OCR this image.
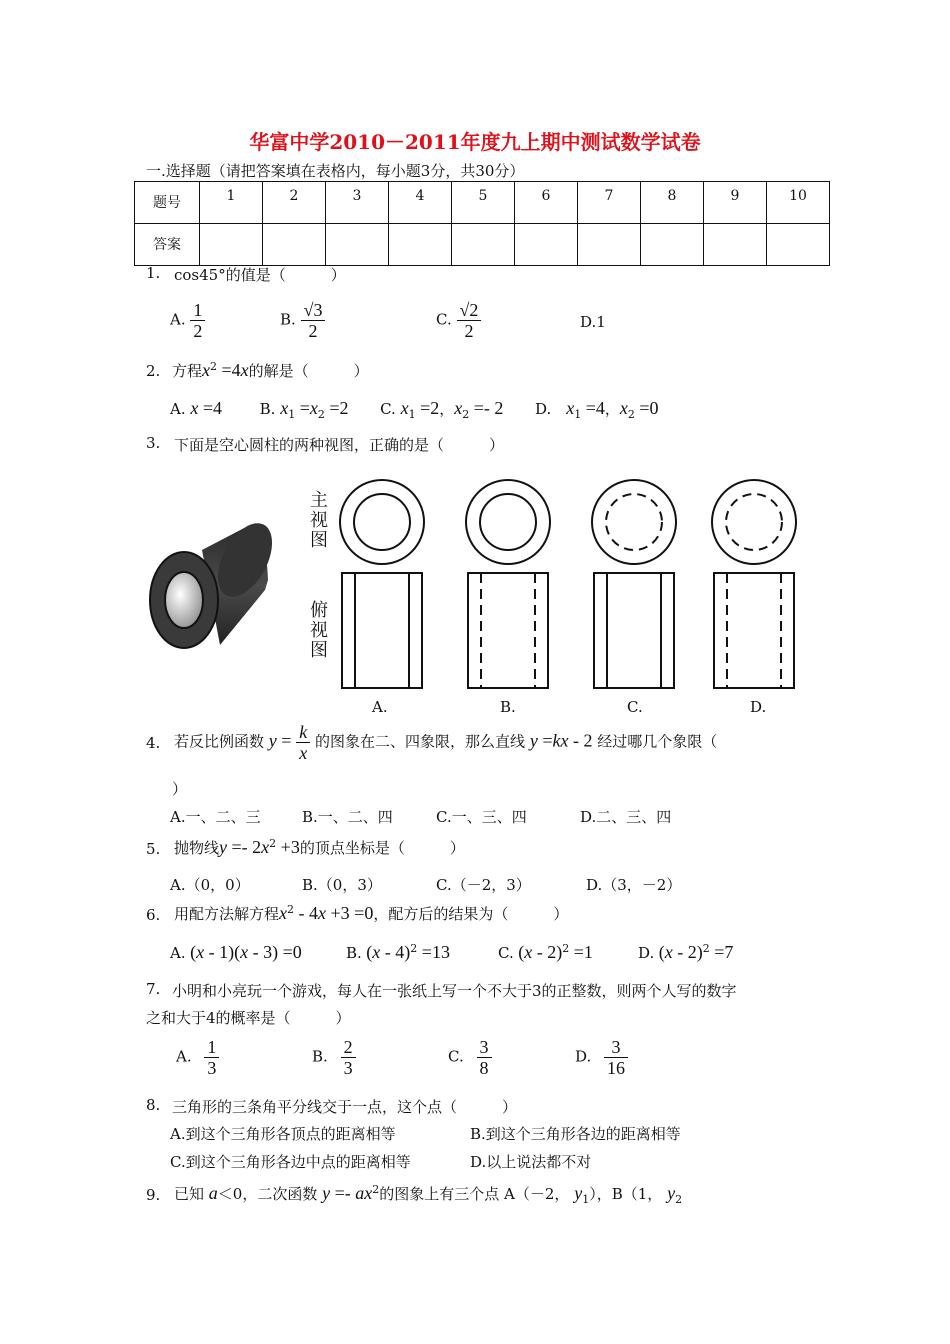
华富中学2010－2011年度九上期中测试数学试卷
一.选择题（请把答案填在表格内，每小题3分，共30分）
题号	1	2	3	4	5	6	7	8	9	10
答案										
1. cos45°的值是（　　　）
A. $\frac{1}{2}$	B. $\frac{√3}{2}$	C. $\frac{√2}{2}$	D.1
2. 方程$x^2 =4x$的解是（　　　）
A. x =4	B. $x_1 =x_2 =2$ C. $x_1 =2$，$x_2 =- 2$ D.　 $x_1 =4$，$x_2 =0$
3. 下面是空心圆柱的两种视图，正确的是（　　　）
主视图
俯视图
A.	B.	C.	D.
4. 若反比例函数 $y = \frac{k}{x}$ 的图象在二、四象限，那么直线 y =kx - 2 经过哪几个象限（
）
A.一、二、三	B.一、二、四	C.一、三、四	D.二、三、四
5. 抛物线$y =- 2x^2 +3$的顶点坐标是（　　　）
A.（0，0）	B.（0，3）	C.（－2，3）	D.（3，－2）
6. 用配方法解方程$x^2 - 4x +3 =0$，配方后的结果为（　　　）
A. (x - 1)(x - 3) =0	B. (x - 4)$^2$ =13	C. (x - 2)$^2$ =1	D. (x - 2)$^2$ =7
7. 小明和小亮玩一个游戏，每人在一张纸上写一个不大于3的正整数，则两个人写的数字
之和大于4的概率是（　　　）
A. $\frac{1}{3}$	B. $\frac{2}{3}$	C. $\frac{3}{8}$	D. $\frac{3}{16}$
8. 三角形的三条角平分线交于一点，这个点（　　　）
A.到这个三角形各顶点的距离相等	B.到这个三角形各边的距离相等
C.到这个三角形各边中点的距离相等	D.以上说法都不对
9. 已知 a＜0，二次函数 $y =- ax^2$的图象上有三个点 A（－2， $y_1$），B（1， $y_2$
